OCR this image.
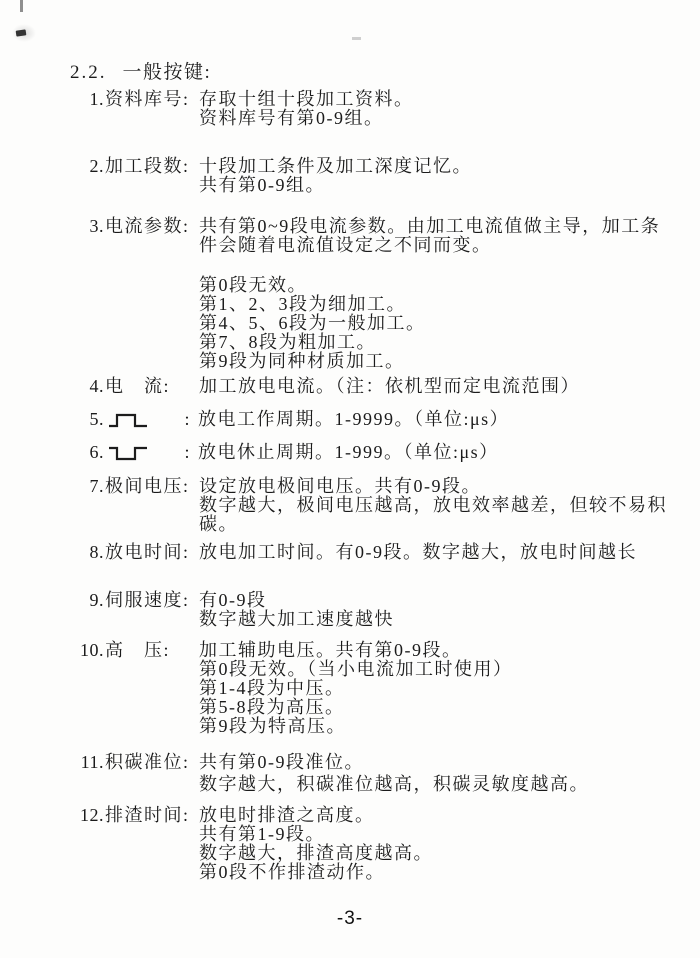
2.2. 一般按键:
1. 资料库号: 存取十组十段加工资料。
资料库号有第0-9组。
2. 加工段数: 十段加工条件及加工深度记忆。
共有第0-9组。
3. 电流参数: 共有第0~9段电流参数。由加工电流值做主导，加工条
件会随着电流值设定之不同而变。
第0段无效。
第1、2、3段为细加工。
第4、5、6段为一般加工。
第7、8段为粗加工。
第9段为同种材质加工。
4. 电　流:	加工放电电流。（注：依机型而定电流范围）
5.	: 放电工作周期。1-9999。（单位:μs）
6.	: 放电休止周期。1-999。（单位:μs）
7. 极间电压: 设定放电极间电压。共有0-9段。
数字越大，极间电压越高，放电效率越差，但较不易积
碳。
8. 放电时间: 放电加工时间。有0-9段。数字越大，放电时间越长
9. 伺服速度: 有0-9段
数字越大加工速度越快
10. 高　压:	加工辅助电压。共有第0-9段。
第0段无效。（当小电流加工时使用）
第1-4段为中压。
第5-8段为高压。
第9段为特高压。
11. 积碳准位: 共有第0-9段准位。
数字越大，积碳准位越高，积碳灵敏度越高。
12. 排渣时间: 放电时排渣之高度。
共有第1-9段。
数字越大，排渣高度越高。
第0段不作排渣动作。
-3-
